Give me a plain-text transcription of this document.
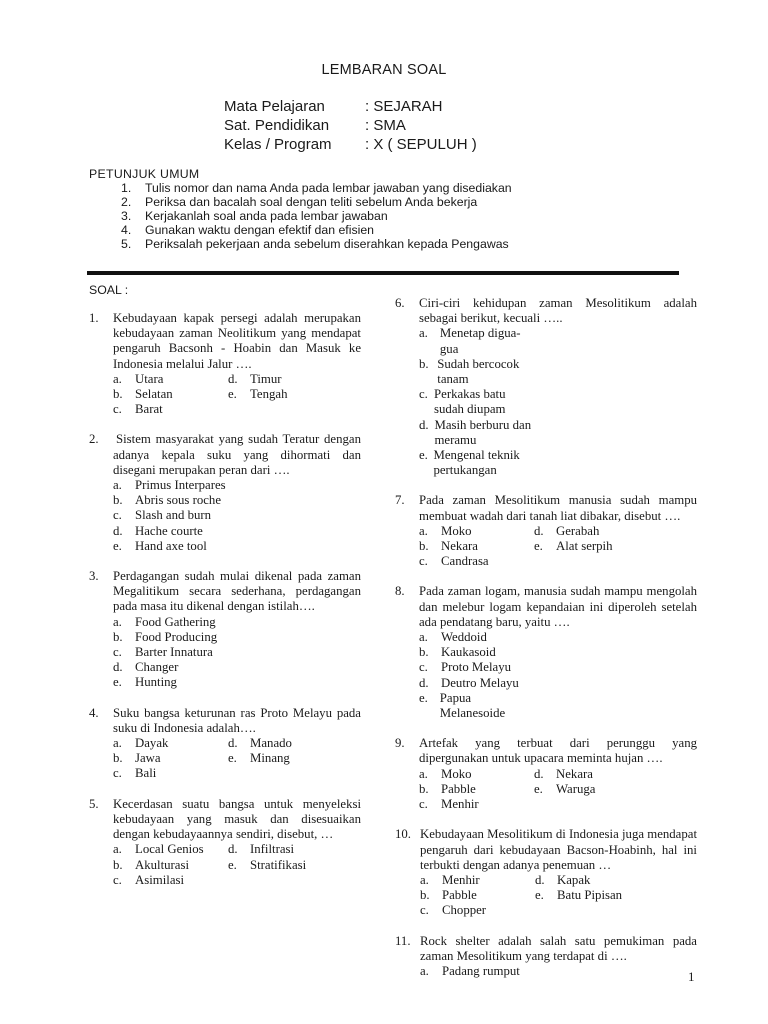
LEMBARAN SOAL
Mata Pelajaran	: SEJARAH
Sat. Pendidikan	: SMA
Kelas / Program	: X ( SEPULUH )
PETUNJUK UMUM
1.	Tulis nomor dan nama Anda pada lembar jawaban yang disediakan
2.	Periksa dan bacalah soal dengan teliti sebelum Anda bekerja
3.	Kerjakanlah soal anda pada lembar jawaban
4.	Gunakan waktu dengan efektif dan efisien
5.	Periksalah pekerjaan anda sebelum diserahkan kepada Pengawas
SOAL :
1.	Kebudayaan kapak persegi adalah merupakan kebudayaan zaman Neolitikum yang mendapat pengaruh Bacsonh - Hoabin dan Masuk ke Indonesia melalui Jalur ….
a.	Utara	d. Timur
b. Selatan	e.	Tengah
c.	Barat
2.	Sistem masyarakat yang sudah Teratur dengan adanya kepala suku yang dihormati dan disegani merupakan peran dari ….
a.	Primus Interpares
b. Abris sous roche
c.	Slash and burn
d. Hache courte
e.	Hand axe tool
3.	Perdagangan sudah mulai dikenal pada zaman Megalitikum secara sederhana, perdagangan pada masa itu dikenal dengan istilah….
a.	Food Gathering
b. Food Producing
c.	Barter Innatura
d. Changer
e.	Hunting
4.	Suku bangsa keturunan ras Proto Melayu pada suku di Indonesia adalah….
a.	Dayak	d. Manado
b. Jawa	e.	Minang
c.	Bali
5.	Kecerdasan suatu bangsa untuk menyeleksi kebudayaan yang masuk dan disesuaikan dengan kebudayaannya sendiri, disebut, …
a.	Local Genios d. Infiltrasi
b. Akulturasi	e.	Stratifikasi
c.	Asimilasi
6.	Ciri-ciri kehidupan zaman Mesolitikum adalah sebagai berikut, kecuali …..
a. Menetap digua-gua
b. Sudah bercocok tanam
c. Perkakas batu sudah diupam
d. Masih berburu dan meramu
e. Mengenal teknik pertukangan
7.	Pada zaman Mesolitikum manusia sudah mampu membuat wadah dari tanah liat dibakar, disebut ….
a.	Moko	d. Gerabah
b. Nekara	e.	Alat serpih
c.	Candrasa
8.	Pada zaman logam, manusia sudah mampu mengolah dan melebur logam kepandaian ini diperoleh setelah ada pendatang baru, yaitu ….
a.	Weddoid
b. Kaukasoid
c.	Proto Melayu
d. Deutro Melayu
e. Papua Melanesoide
9.	Artefak yang terbuat dari perunggu yang dipergunakan untuk upacara meminta hujan ….
a.	Moko	d. Nekara
b. Pabble	e.	Waruga
c.	Menhir
10. Kebudayaan Mesolitikum di Indonesia juga mendapat pengaruh dari kebudayaan Bacson-Hoabinh, hal ini terbukti dengan adanya penemuan …
a.	Menhir	d. Kapak
b. Pabble	e.	Batu Pipisan
c.	Chopper
11. Rock shelter adalah salah satu pemukiman pada zaman Mesolitikum yang terdapat di ….
a.	Padang rumput	1
